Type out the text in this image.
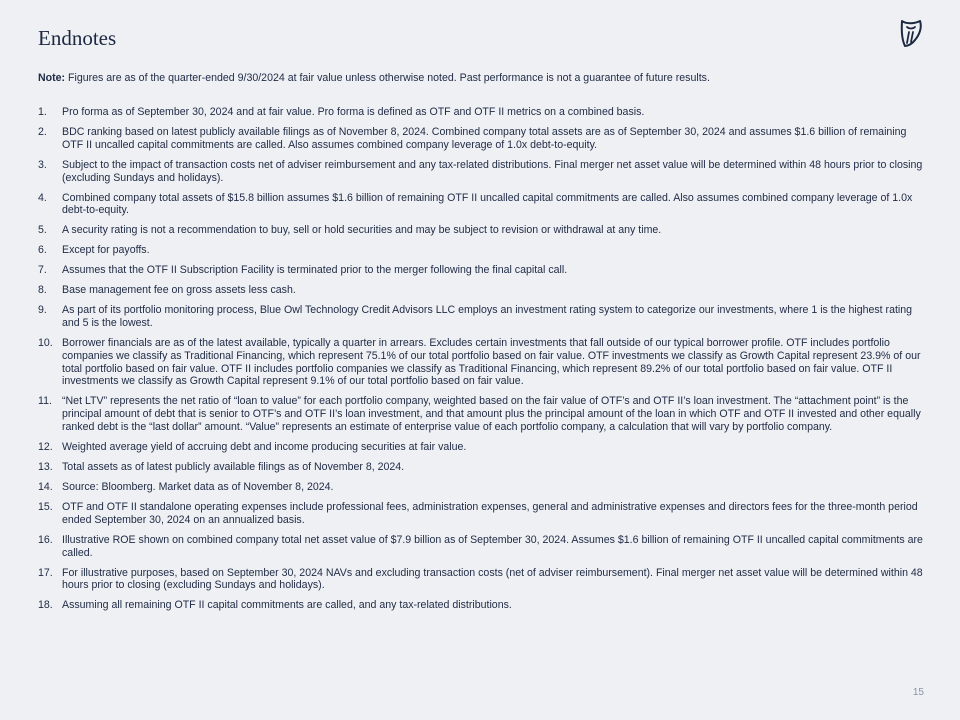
Endnotes
Note: Figures are as of the quarter-ended 9/30/2024 at fair value unless otherwise noted. Past performance is not a guarantee of future results.
1.	Pro forma as of September 30, 2024 and at fair value. Pro forma is defined as OTF and OTF II metrics on a combined basis.
2.	BDC ranking based on latest publicly available filings as of November 8, 2024. Combined company total assets are as of September 30, 2024 and assumes $1.6 billion of remaining OTF II uncalled capital commitments are called. Also assumes combined company leverage of 1.0x debt-to-equity.
3.	Subject to the impact of transaction costs net of adviser reimbursement and any tax-related distributions. Final merger net asset value will be determined within 48 hours prior to closing (excluding Sundays and holidays).
4.	Combined company total assets of $15.8 billion assumes $1.6 billion of remaining OTF II uncalled capital commitments are called. Also assumes combined company leverage of 1.0x debt-to-equity.
5.	A security rating is not a recommendation to buy, sell or hold securities and may be subject to revision or withdrawal at any time.
6.	Except for payoffs.
7.	Assumes that the OTF II Subscription Facility is terminated prior to the merger following the final capital call.
8.	Base management fee on gross assets less cash.
9.	As part of its portfolio monitoring process, Blue Owl Technology Credit Advisors LLC employs an investment rating system to categorize our investments, where 1 is the highest rating and 5 is the lowest.
10. Borrower financials are as of the latest available, typically a quarter in arrears. Excludes certain investments that fall outside of our typical borrower profile. OTF includes portfolio companies we classify as Traditional Financing, which represent 75.1% of our total portfolio based on fair value. OTF investments we classify as Growth Capital represent 23.9% of our total portfolio based on fair value. OTF II includes portfolio companies we classify as Traditional Financing, which represent 89.2% of our total portfolio based on fair value. OTF II investments we classify as Growth Capital represent 9.1% of our total portfolio based on fair value.
11. “Net LTV” represents the net ratio of “loan to value” for each portfolio company, weighted based on the fair value of OTF’s and OTF II’s loan investment. The “attachment point” is the principal amount of debt that is senior to OTF’s and OTF II’s loan investment, and that amount plus the principal amount of the loan in which OTF and OTF II invested and other equally ranked debt is the “last dollar” amount. “Value” represents an estimate of enterprise value of each portfolio company, a calculation that will vary by portfolio company.
12. Weighted average yield of accruing debt and income producing securities at fair value.
13. Total assets as of latest publicly available filings as of November 8, 2024.
14. Source: Bloomberg. Market data as of November 8, 2024.
15. OTF and OTF II standalone operating expenses include professional fees, administration expenses, general and administrative expenses and directors fees for the three-month period ended September 30, 2024 on an annualized basis.
16. Illustrative ROE shown on combined company total net asset value of $7.9 billion as of September 30, 2024. Assumes $1.6 billion of remaining OTF II uncalled capital commitments are called.
17. For illustrative purposes, based on September 30, 2024 NAVs and excluding transaction costs (net of adviser reimbursement). Final merger net asset value will be determined within 48 hours prior to closing (excluding Sundays and holidays).
18. Assuming all remaining OTF II capital commitments are called, and any tax-related distributions.
15
